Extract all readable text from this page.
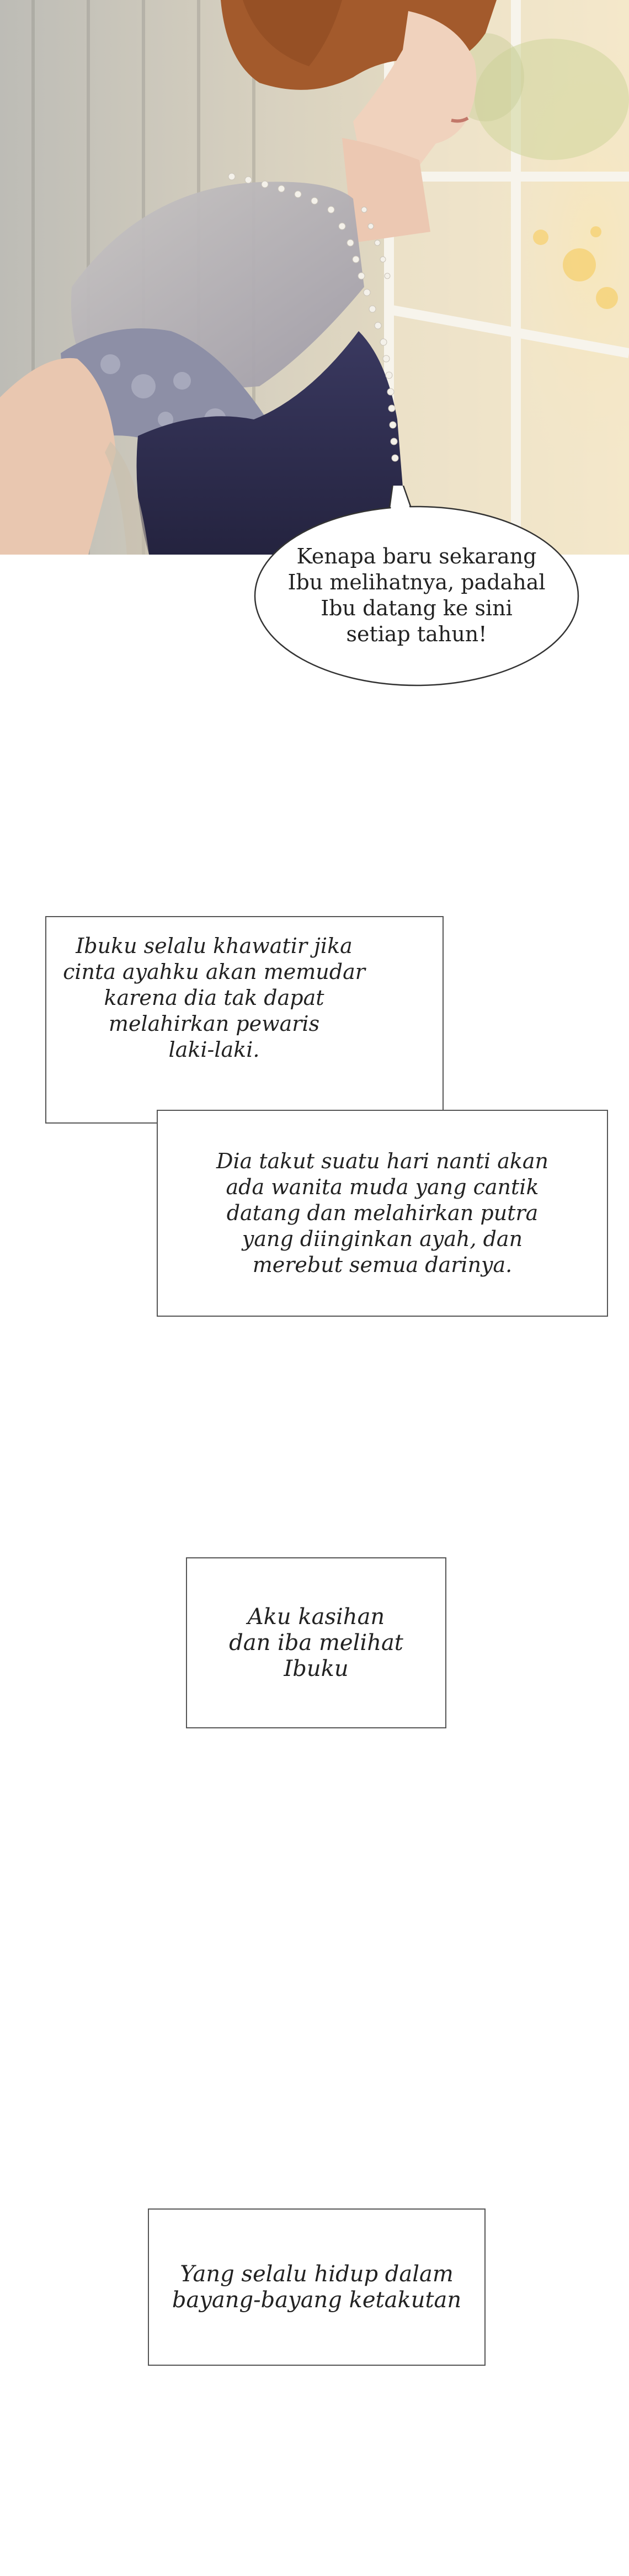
Kenapa baru sekarang
Ibu melihatnya, padahal
Ibu datang ke sini
setiap tahun!
Ibuku selalu khawatir jika
cinta ayahku akan memudar
karena dia tak dapat
melahirkan pewaris
laki-laki.
Dia takut suatu hari nanti akan
ada wanita muda yang cantik
datang dan melahirkan putra
yang diinginkan ayah, dan
merebut semua darinya.
Aku kasihan
dan iba melihat
Ibuku
Yang selalu hidup dalam
bayang-bayang ketakutan
